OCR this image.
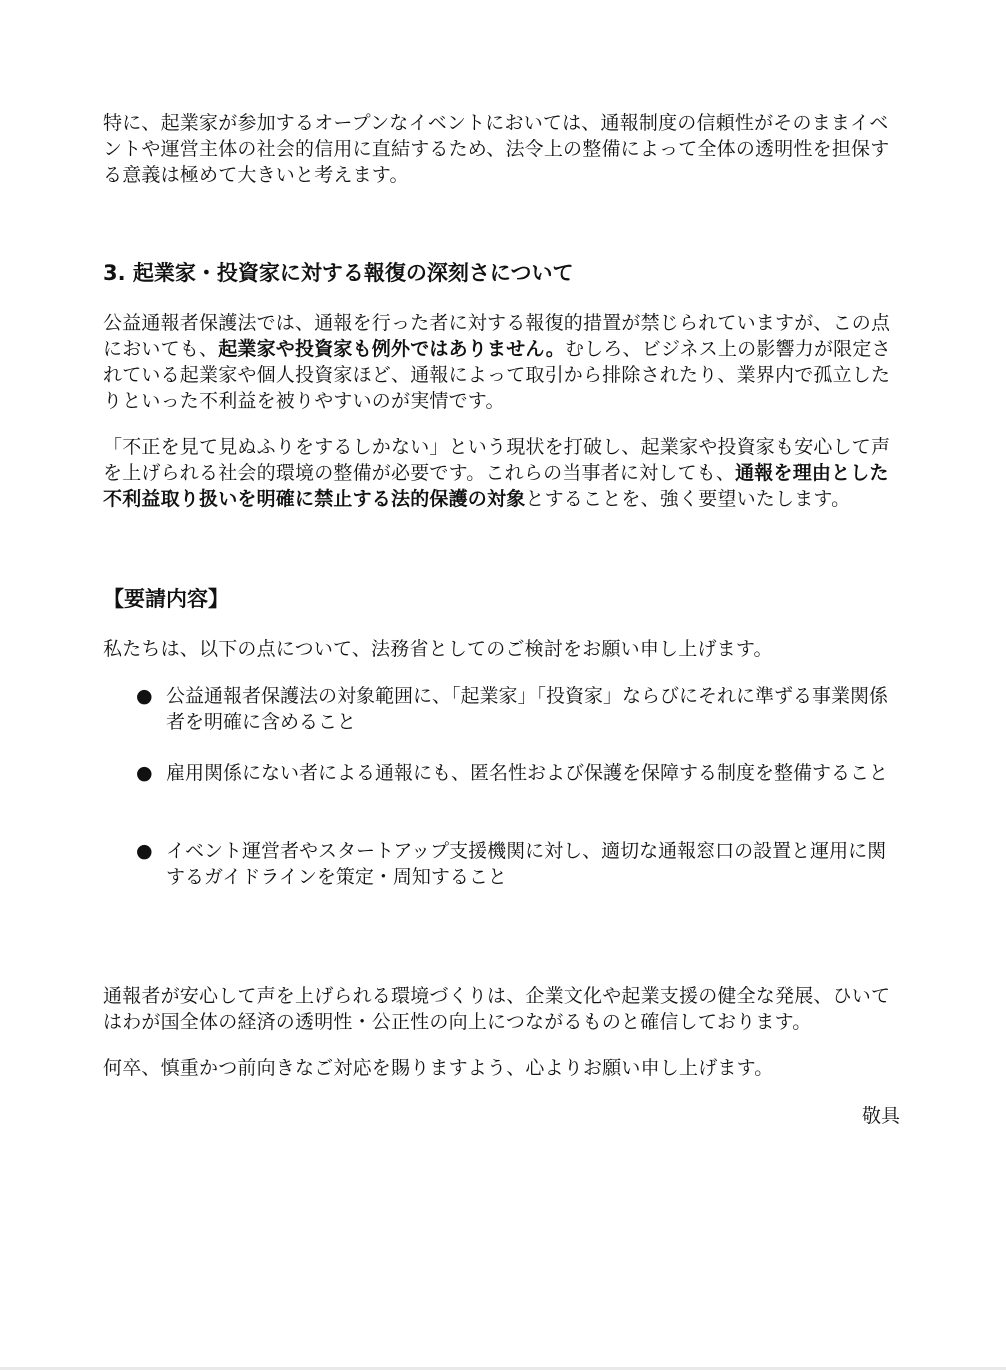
特に、起業家が参加するオープンなイベントにおいては、通報制度の信頼性がそのままイベントや運営主体の社会的信用に直結するため、法令上の整備によって全体の透明性を担保する意義は極めて大きいと考えます。

3. 起業家・投資家に対する報復の深刻さについて

公益通報者保護法では、通報を行った者に対する報復的措置が禁じられていますが、この点においても、起業家や投資家も例外ではありません。むしろ、ビジネス上の影響力が限定されている起業家や個人投資家ほど、通報によって取引から排除されたり、業界内で孤立したりといった不利益を被りやすいのが実情です。

「不正を見て見ぬふりをするしかない」という現状を打破し、起業家や投資家も安心して声を上げられる社会的環境の整備が必要です。これらの当事者に対しても、通報を理由とした不利益取り扱いを明確に禁止する法的保護の対象とすることを、強く要望いたします。

【要請内容】

私たちは、以下の点について、法務省としてのご検討をお願い申し上げます。

● 公益通報者保護法の対象範囲に、「起業家」「投資家」ならびにそれに準ずる事業関係者を明確に含めること
● 雇用関係にない者による通報にも、匿名性および保護を保障する制度を整備すること
● イベント運営者やスタートアップ支援機関に対し、適切な通報窓口の設置と運用に関するガイドラインを策定・周知すること

通報者が安心して声を上げられる環境づくりは、企業文化や起業支援の健全な発展、ひいてはわが国全体の経済の透明性・公正性の向上につながるものと確信しております。

何卒、慎重かつ前向きなご対応を賜りますよう、心よりお願い申し上げます。

敬具
